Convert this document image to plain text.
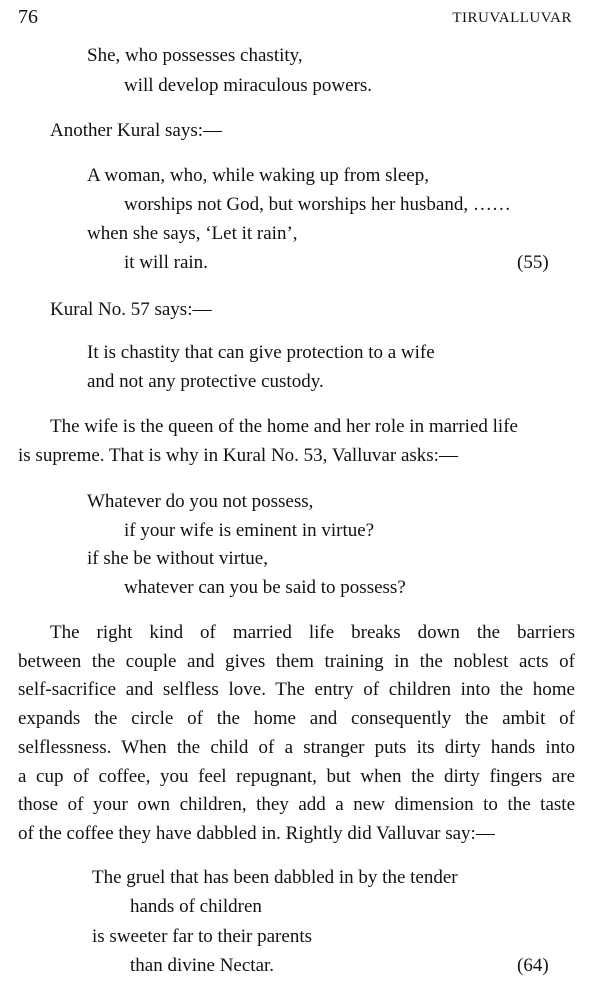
76	TIRUVALLUVAR
She, who possesses chastity,
will develop miraculous powers.
Another Kural says:—
A woman, who, while waking up from sleep,
worships not God, but worships her husband, ……
when she says, ‘Let it rain’,
it will rain.	(55)
Kural No. 57 says:—
It is chastity that can give protection to a wife
and not any protective custody.
The wife is the queen of the home and her role in married life
is supreme. That is why in Kural No. 53, Valluvar asks:—
Whatever do you not possess,
if your wife is eminent in virtue?
if she be without virtue,
whatever can you be said to possess?
The right kind of married life breaks down the barriers
between the couple and gives them training in the noblest acts of
self-sacrifice and selfless love. The entry of children into the home
expands the circle of the home and consequently the ambit of
selflessness. When the child of a stranger puts its dirty hands into
a cup of coffee, you feel repugnant, but when the dirty fingers are
those of your own children, they add a new dimension to the taste
of the coffee they have dabbled in. Rightly did Valluvar say:—
The gruel that has been dabbled in by the tender
hands of children
is sweeter far to their parents
than divine Nectar.	(64)
